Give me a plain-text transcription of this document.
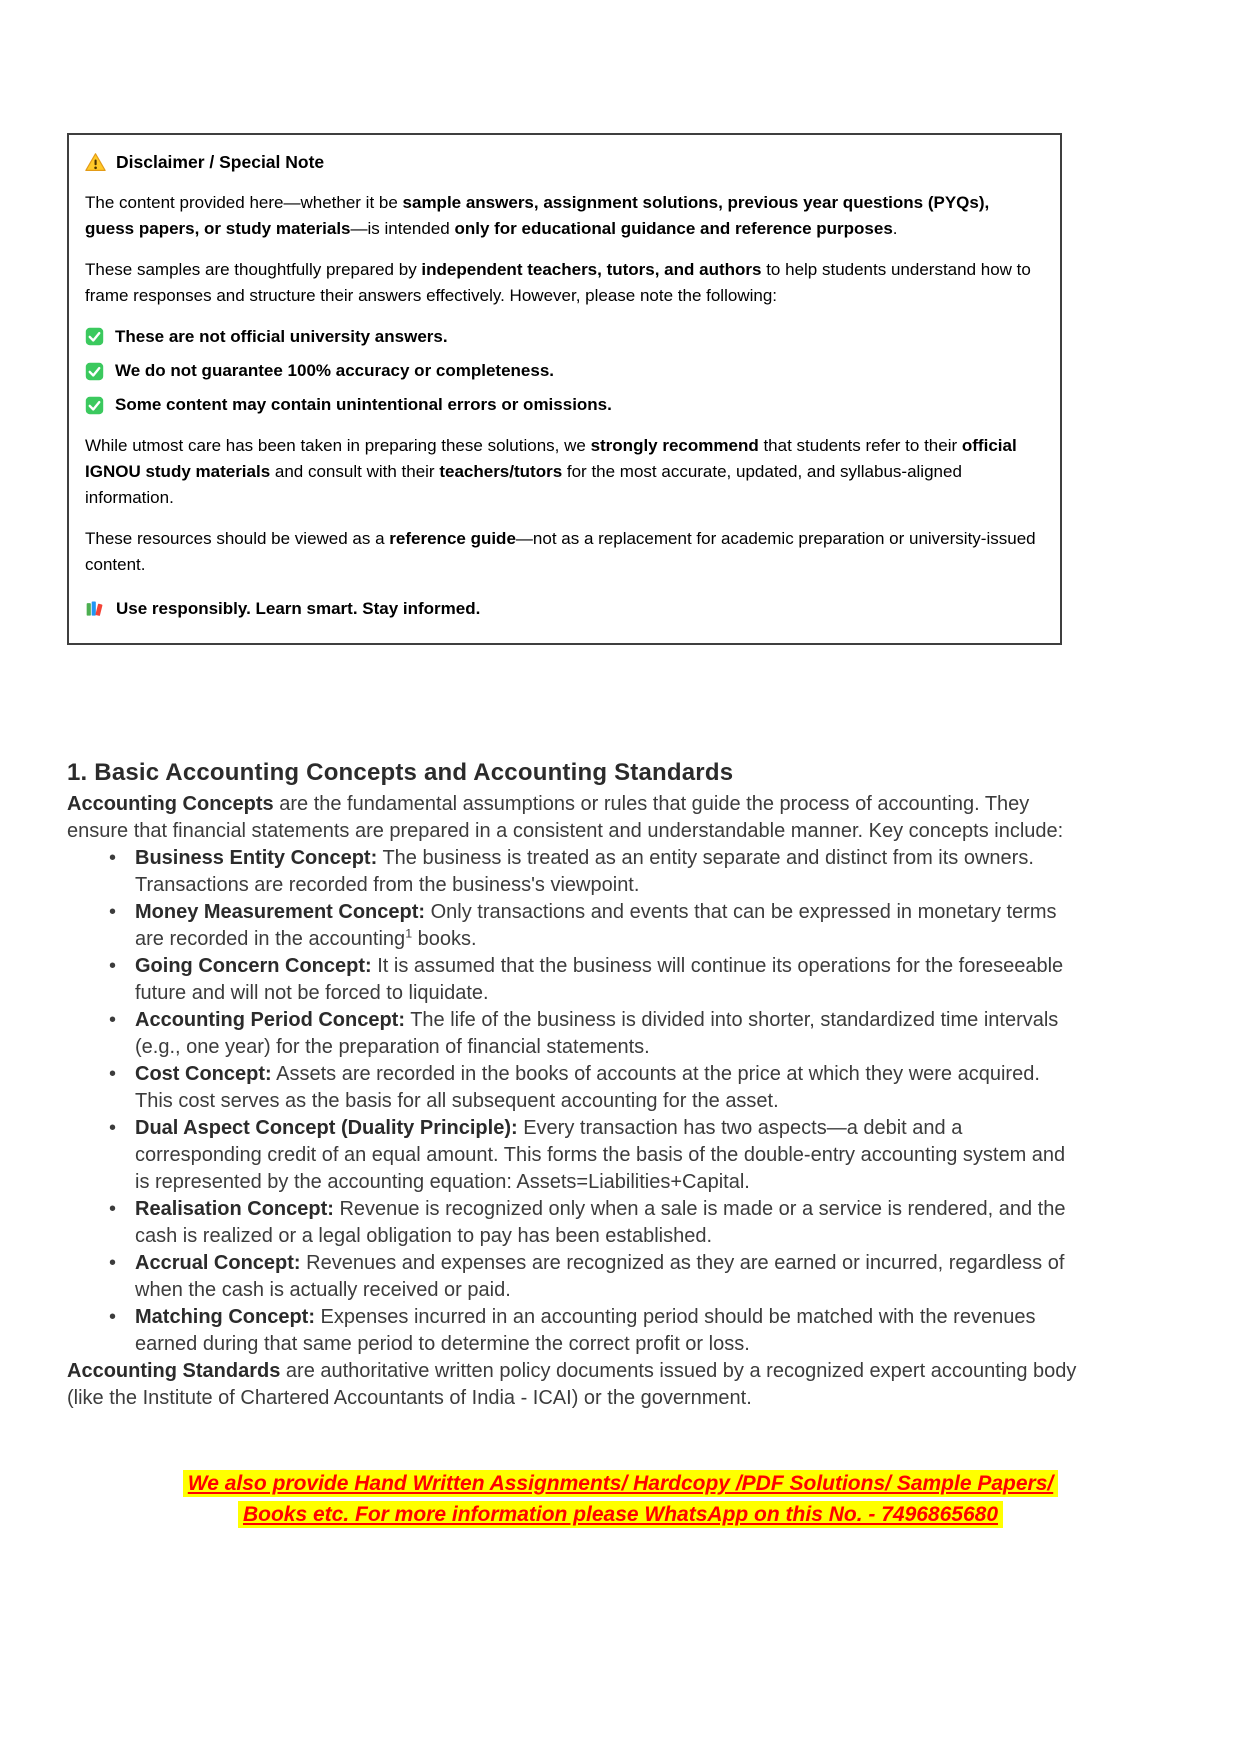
Disclaimer / Special Note

The content provided here—whether it be sample answers, assignment solutions, previous year questions (PYQs), guess papers, or study materials—is intended only for educational guidance and reference purposes.

These samples are thoughtfully prepared by independent teachers, tutors, and authors to help students understand how to frame responses and structure their answers effectively. However, please note the following:

These are not official university answers.
We do not guarantee 100% accuracy or completeness.
Some content may contain unintentional errors or omissions.

While utmost care has been taken in preparing these solutions, we strongly recommend that students refer to their official IGNOU study materials and consult with their teachers/tutors for the most accurate, updated, and syllabus-aligned information.

These resources should be viewed as a reference guide—not as a replacement for academic preparation or university-issued content.

Use responsibly. Learn smart. Stay informed.
1. Basic Accounting Concepts and Accounting Standards

Accounting Concepts are the fundamental assumptions or rules that guide the process of accounting. They ensure that financial statements are prepared in a consistent and understandable manner. Key concepts include:

• Business Entity Concept: The business is treated as an entity separate and distinct from its owners. Transactions are recorded from the business's viewpoint.
• Money Measurement Concept: Only transactions and events that can be expressed in monetary terms are recorded in the accounting$^1$ books.
• Going Concern Concept: It is assumed that the business will continue its operations for the foreseeable future and will not be forced to liquidate.
• Accounting Period Concept: The life of the business is divided into shorter, standardized time intervals (e.g., one year) for the preparation of financial statements.
• Cost Concept: Assets are recorded in the books of accounts at the price at which they were acquired. This cost serves as the basis for all subsequent accounting for the asset.
• Dual Aspect Concept (Duality Principle): Every transaction has two aspects—a debit and a corresponding credit of an equal amount. This forms the basis of the double-entry accounting system and is represented by the accounting equation: Assets=Liabilities+Capital.
• Realisation Concept: Revenue is recognized only when a sale is made or a service is rendered, and the cash is realized or a legal obligation to pay has been established.
• Accrual Concept: Revenues and expenses are recognized as they are earned or incurred, regardless of when the cash is actually received or paid.
• Matching Concept: Expenses incurred in an accounting period should be matched with the revenues earned during that same period to determine the correct profit or loss.

Accounting Standards are authoritative written policy documents issued by a recognized expert accounting body (like the Institute of Chartered Accountants of India - ICAI) or the government.

We also provide Hand Written Assignments/ Hardcopy /PDF Solutions/ Sample Papers/
Books etc. For more information please WhatsApp on this No. - 7496865680
